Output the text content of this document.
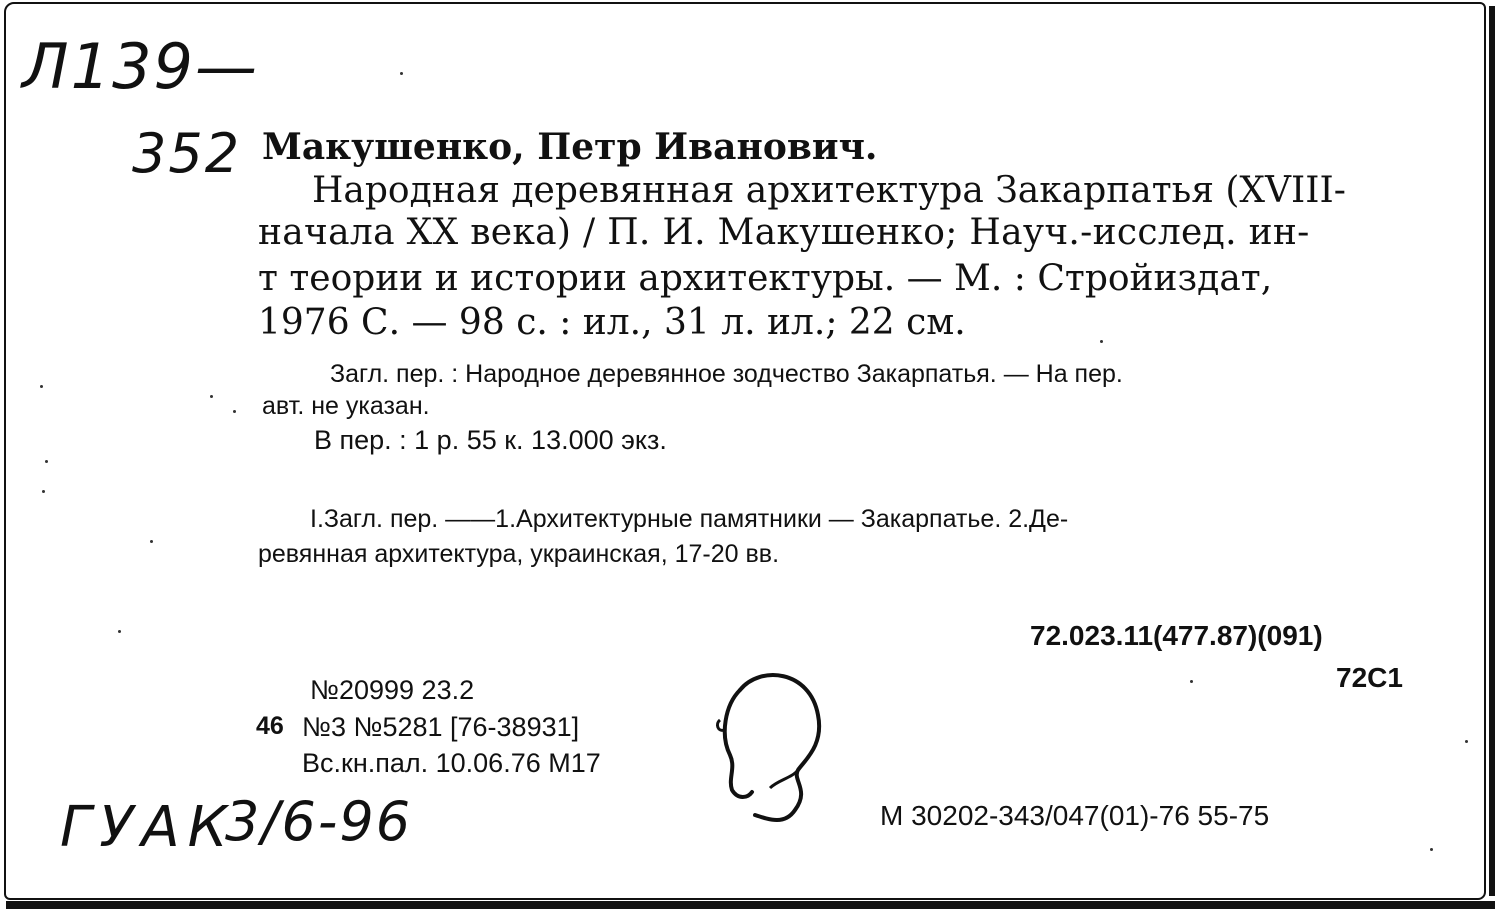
Л139—
352
ГУАК
3/6-96
Макушенко, Петр Иванович.
Народная деревянная архитектура Закарпатья (XVIII-
начала XX века) / П. И. Макушенко; Науч.-исслед. ин-
т теории и истории архитектуры. — М. : Стройиздат,
1976 С. — 98 с. : ил., 31 л. ил.; 22 см.
Загл. пер. : Народное деревянное зодчество Закарпатья. — На пер.
авт. не указан.
В пер. : 1 р. 55 к. 13.000 экз.
I.Загл. пер. ——1.Архитектурные памятники — Закарпатье. 2.Де-
ревянная архитектура, украинская, 17-20 вв.
72.023.11(477.87)(091)
72С1
№20999 23.2
46 №3 №5281 [76-38931]
Вс.кн.пал. 10.06.76 М17
М 30202-343/047(01)-76 55-75
